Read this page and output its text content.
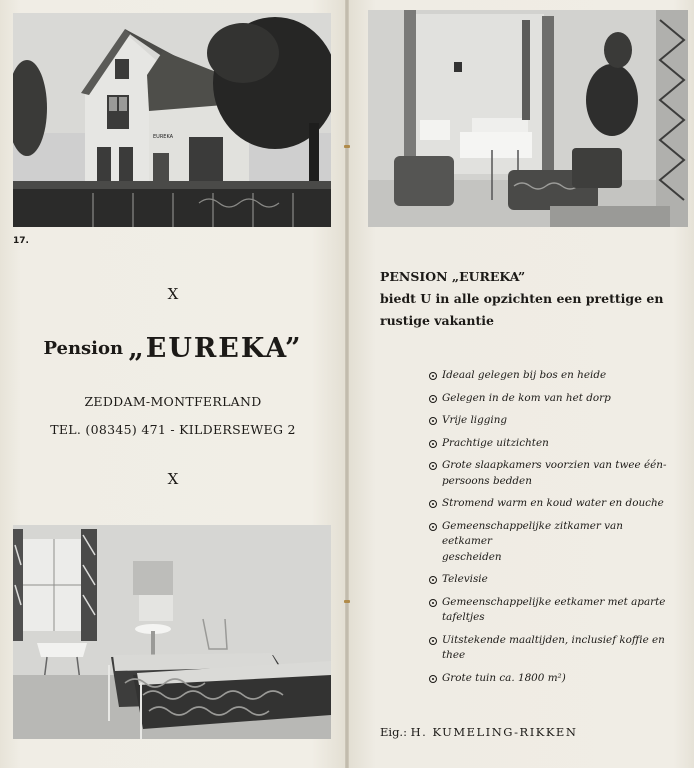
EUREKA
17.
X
Pension „EUREKA”
ZEDDAM-MONTFERLAND
TEL. (08345) 471 - KILDERSEWEG 2
X
PENSION „EUREKA”
biedt U in alle opzichten een prettige en
rustige vakantie
Ideaal gelegen bij bos en heide
Gelegen in de kom van het dorp
Vrije ligging
Prachtige uitzichten
Grote slaapkamers voorzien van twee één-
persoons bedden
Stromend warm en koud water en douche
Gemeenschappelijke zitkamer van eetkamer
gescheiden
Televisie
Gemeenschappelijke eetkamer met aparte
tafeltjes
Uitstekende maaltijden, inclusief koffie en
thee
Grote tuin ca. 1800 m²)
Eig.: H. KUMELING-RIKKEN
